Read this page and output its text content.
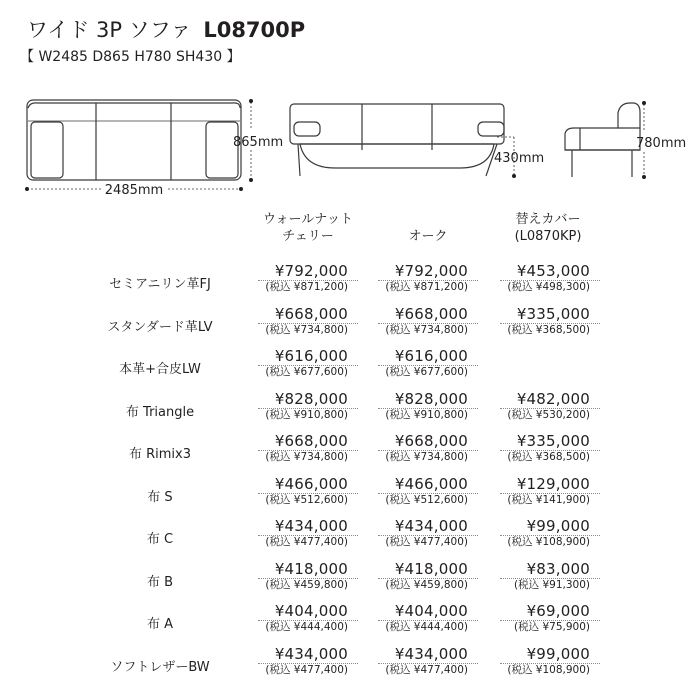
ワイド 3P ソファ L08700P
【 W2485 D865 H780 SH430 】
2485mm
865mm
430mm
780mm
ウォールナット
チェリー	オーク
替えカバー
(L0870KP)
セミアニリン革FJ
¥792,000
(税込 ¥871,200)
¥792,000
(税込 ¥871,200)
¥453,000
(税込 ¥498,300)
スタンダード革LV
¥668,000
(税込 ¥734,800)
¥668,000
(税込 ¥734,800)
¥335,000
(税込 ¥368,500)
本革+合皮LW
¥616,000
(税込 ¥677,600)
¥616,000
(税込 ¥677,600)
布 Triangle
¥828,000
(税込 ¥910,800)
¥828,000
(税込 ¥910,800)
¥482,000
(税込 ¥530,200)
布 Rimix3
¥668,000
(税込 ¥734,800)
¥668,000
(税込 ¥734,800)
¥335,000
(税込 ¥368,500)
布 S
¥466,000
(税込 ¥512,600)
¥466,000
(税込 ¥512,600)
¥129,000
(税込 ¥141,900)
布 C
¥434,000
(税込 ¥477,400)
¥434,000
(税込 ¥477,400)
¥99,000
(税込 ¥108,900)
布 B
¥418,000
(税込 ¥459,800)
¥418,000
(税込 ¥459,800)
¥83,000
(税込 ¥91,300)
布 A
¥404,000
(税込 ¥444,400)
¥404,000
(税込 ¥444,400)
¥69,000
(税込 ¥75,900)
ソフトレザーBW
¥434,000
(税込 ¥477,400)
¥434,000
(税込 ¥477,400)
¥99,000
(税込 ¥108,900)
